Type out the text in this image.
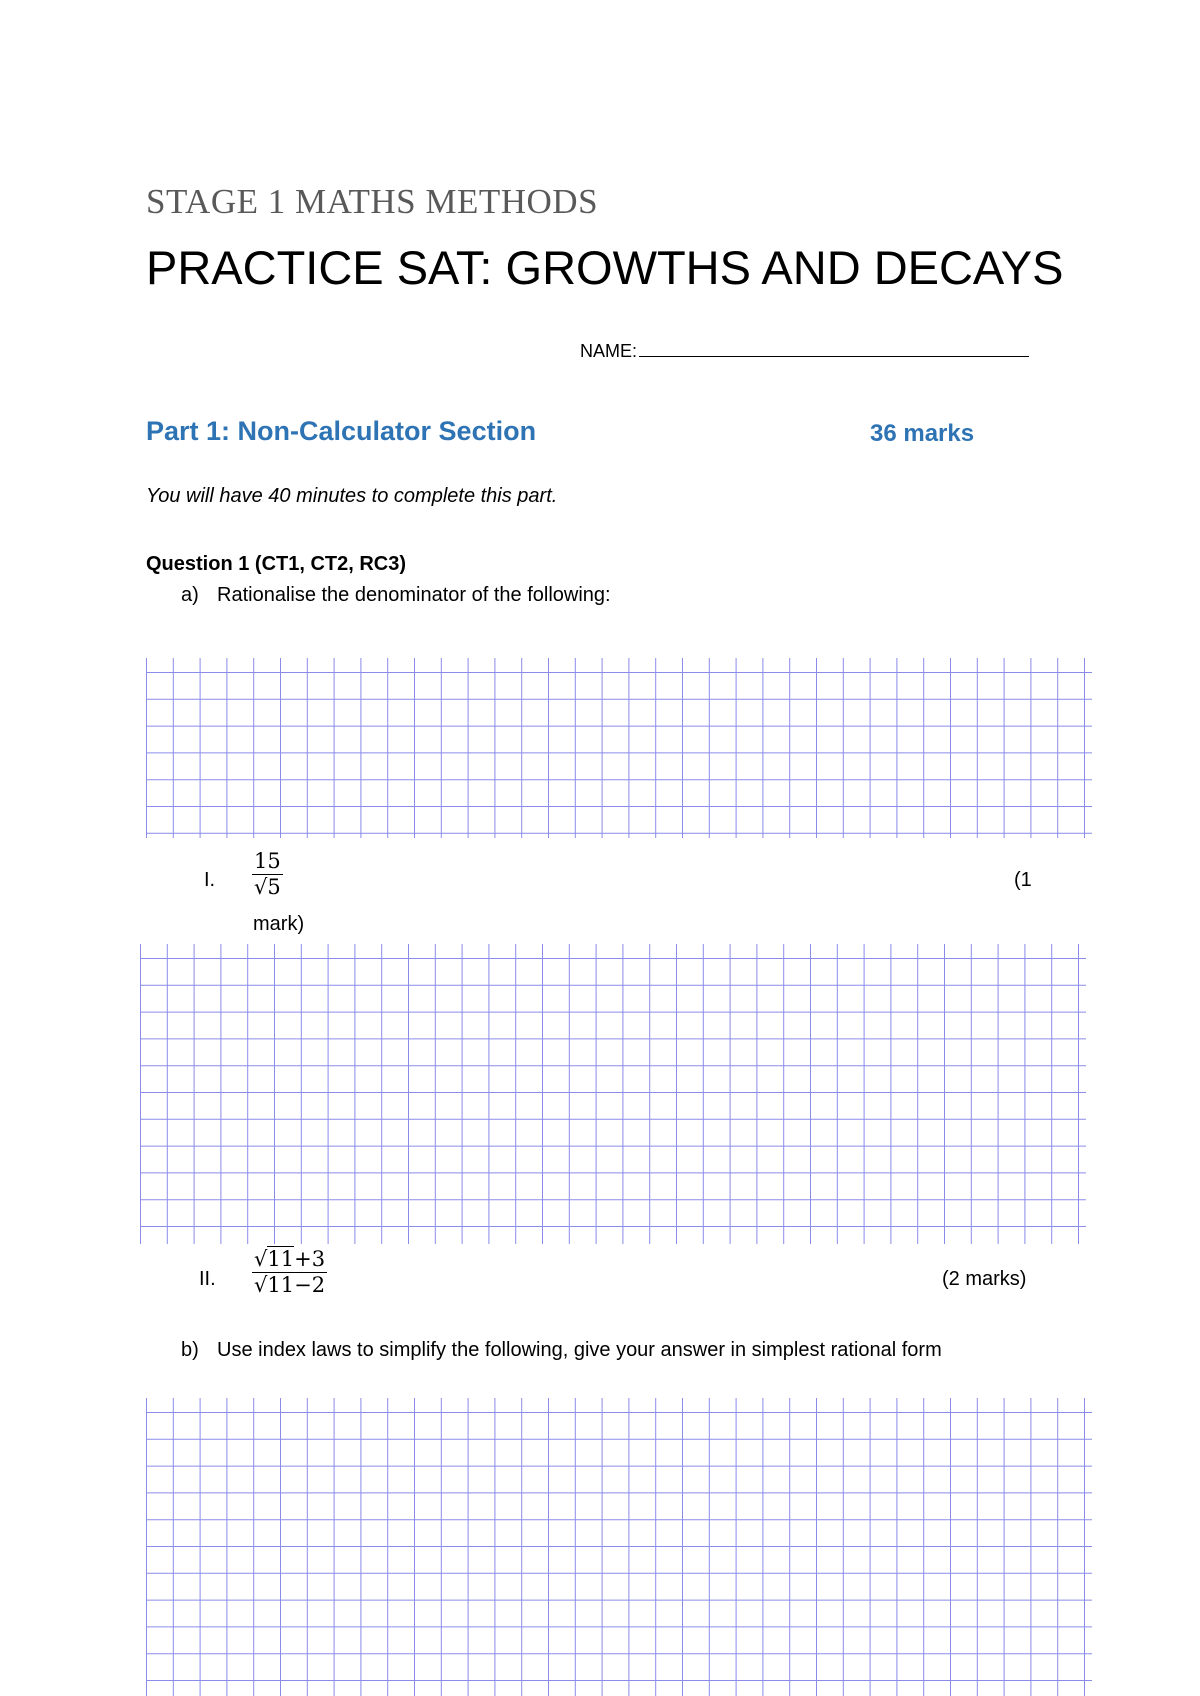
STAGE 1 MATHS METHODS
PRACTICE SAT: GROWTHS AND DECAYS
NAME:
Part 1: Non-Calculator Section	36 marks
You will have 40 minutes to complete this part.
Question 1 (CT1, CT2, RC3)
a) Rationalise the denominator of the following:
I. $\frac{15}{√5}$	(1
mark)
II. $\frac{√11+3}{√11-2}$	(2 marks)
b) Use index laws to simplify the following, give your answer in simplest rational form
